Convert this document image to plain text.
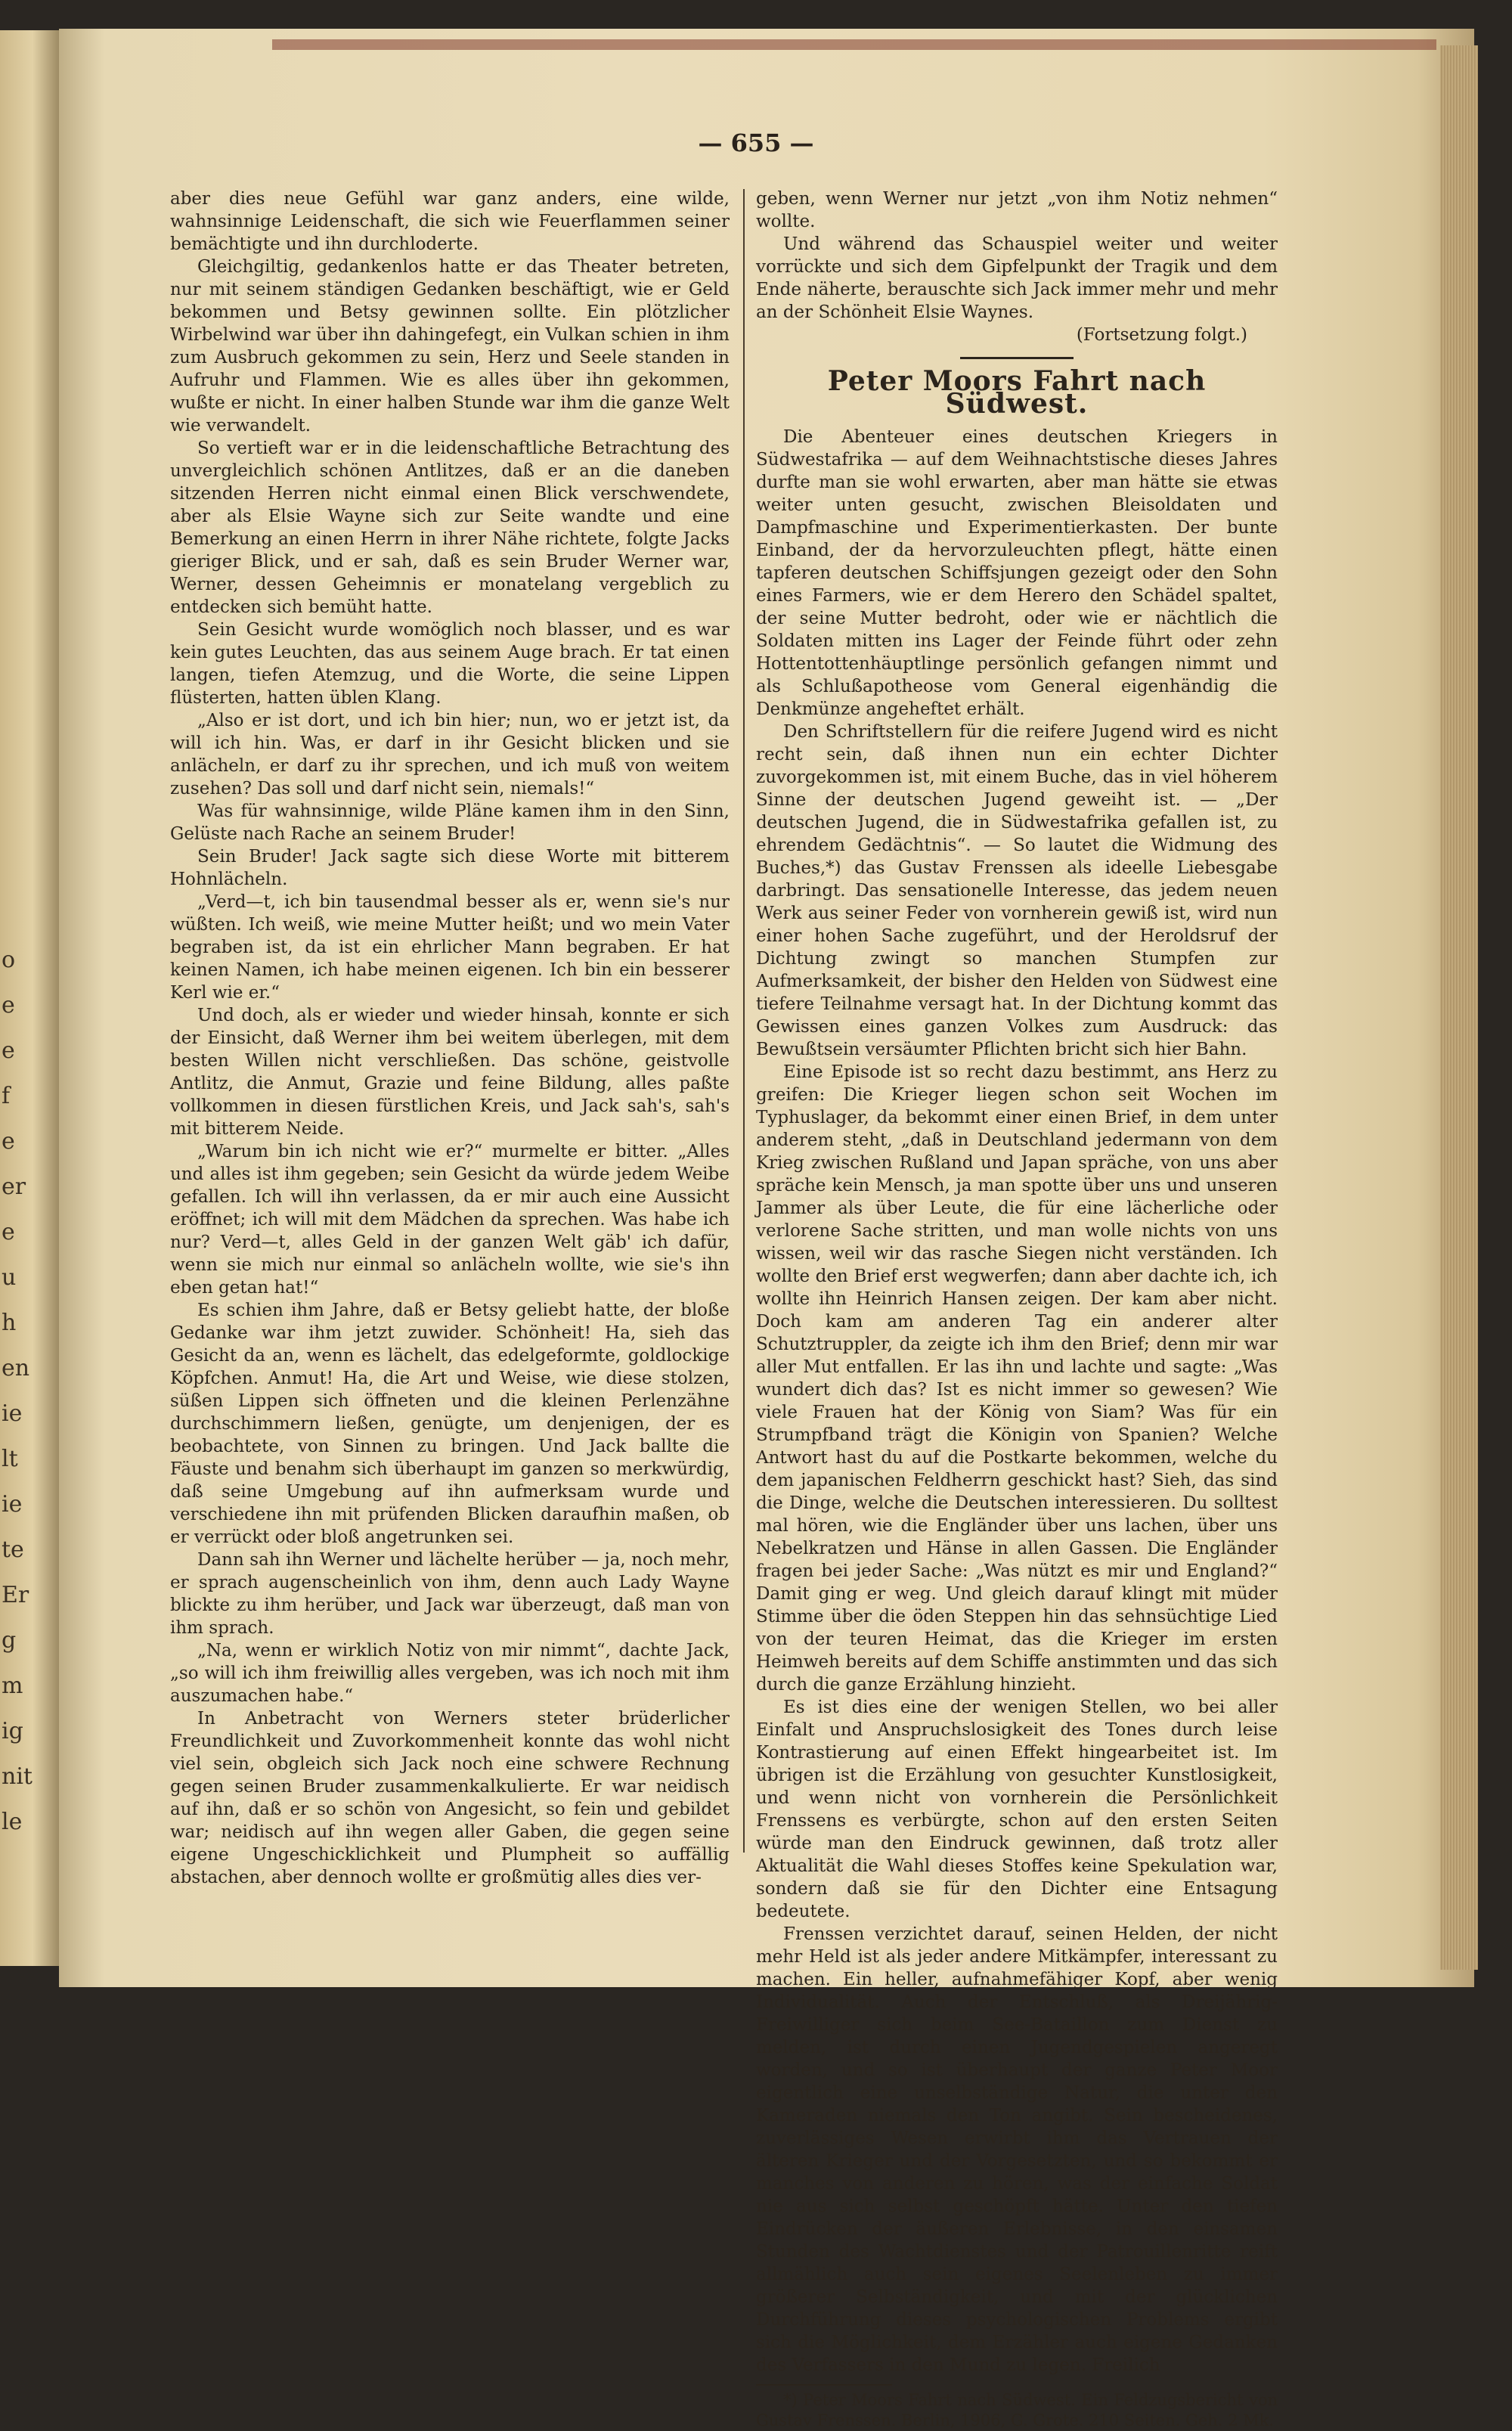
o
e
e
f
e
er
e
u
h
en
ie
lt
ie
te
Er
g
m
ig
nit
le
— 655 —

aber dies neue Gefühl war ganz anders, eine wilde, wahnsinnige Leidenschaft, die sich wie Feuerflammen seiner bemächtigte und ihn durchloderte.

Gleichgiltig, gedankenlos hatte er das Theater betreten, nur mit seinem ständigen Gedanken beschäftigt, wie er Geld bekommen und Betsy gewinnen sollte. Ein plötzlicher Wirbelwind war über ihn dahingefegt, ein Vulkan schien in ihm zum Ausbruch gekommen zu sein, Herz und Seele standen in Aufruhr und Flammen. Wie es alles über ihn gekommen, wußte er nicht. In einer halben Stunde war ihm die ganze Welt wie verwandelt.

So vertieft war er in die leidenschaftliche Betrachtung des unvergleichlich schönen Antlitzes, daß er an die daneben sitzenden Herren nicht einmal einen Blick verschwendete, aber als Elsie Wayne sich zur Seite wandte und eine Bemerkung an einen Herrn in ihrer Nähe richtete, folgte Jacks gieriger Blick, und er sah, daß es sein Bruder Werner war, Werner, dessen Geheimnis er monatelang vergeblich zu entdecken sich bemüht hatte.

Sein Gesicht wurde womöglich noch blasser, und es war kein gutes Leuchten, das aus seinem Auge brach. Er tat einen langen, tiefen Atemzug, und die Worte, die seine Lippen flüsterten, hatten üblen Klang.

„Also er ist dort, und ich bin hier; nun, wo er jetzt ist, da will ich hin. Was, er darf in ihr Gesicht blicken und sie anlächeln, er darf zu ihr sprechen, und ich muß von weitem zusehen? Das soll und darf nicht sein, niemals!“

Was für wahnsinnige, wilde Pläne kamen ihm in den Sinn, Gelüste nach Rache an seinem Bruder!

Sein Bruder! Jack sagte sich diese Worte mit bitterem Hohnlächeln.

„Verd—t, ich bin tausendmal besser als er, wenn sie's nur wüßten. Ich weiß, wie meine Mutter heißt; und wo mein Vater begraben ist, da ist ein ehrlicher Mann begraben. Er hat keinen Namen, ich habe meinen eigenen. Ich bin ein besserer Kerl wie er.“

Und doch, als er wieder und wieder hinsah, konnte er sich der Einsicht, daß Werner ihm bei weitem überlegen, mit dem besten Willen nicht verschließen. Das schöne, geistvolle Antlitz, die Anmut, Grazie und feine Bildung, alles paßte vollkommen in diesen fürstlichen Kreis, und Jack sah's, sah's mit bitterem Neide.

„Warum bin ich nicht wie er?“ murmelte er bitter. „Alles und alles ist ihm gegeben; sein Gesicht da würde jedem Weibe gefallen. Ich will ihn verlassen, da er mir auch eine Aussicht eröffnet; ich will mit dem Mädchen da sprechen. Was habe ich nur? Verd—t, alles Geld in der ganzen Welt gäb' ich dafür, wenn sie mich nur einmal so anlächeln wollte, wie sie's ihn eben getan hat!“

Es schien ihm Jahre, daß er Betsy geliebt hatte, der bloße Gedanke war ihm jetzt zuwider. Schönheit! Ha, sieh das Gesicht da an, wenn es lächelt, das edelgeformte, goldlockige Köpfchen. Anmut! Ha, die Art und Weise, wie diese stolzen, süßen Lippen sich öffneten und die kleinen Perlenzähne durchschimmern ließen, genügte, um denjenigen, der es beobachtete, von Sinnen zu bringen. Und Jack ballte die Fäuste und benahm sich überhaupt im ganzen so merkwürdig, daß seine Umgebung auf ihn aufmerksam wurde und verschiedene ihn mit prüfenden Blicken daraufhin maßen, ob er verrückt oder bloß angetrunken sei.

Dann sah ihn Werner und lächelte herüber — ja, noch mehr, er sprach augenscheinlich von ihm, denn auch Lady Wayne blickte zu ihm herüber, und Jack war überzeugt, daß man von ihm sprach.

„Na, wenn er wirklich Notiz von mir nimmt“, dachte Jack, „so will ich ihm freiwillig alles vergeben, was ich noch mit ihm auszumachen habe.“

In Anbetracht von Werners steter brüderlicher Freundlichkeit und Zuvorkommenheit konnte das wohl nicht viel sein, obgleich sich Jack noch eine schwere Rechnung gegen seinen Bruder zusammenkalkulierte. Er war neidisch auf ihn, daß er so schön von Angesicht, so fein und gebildet war; neidisch auf ihn wegen aller Gaben, die gegen seine eigene Ungeschicklichkeit und Plumpheit so auffällig abstachen, aber dennoch wollte er großmütig alles dies ver-

geben, wenn Werner nur jetzt „von ihm Notiz nehmen“ wollte.

Und während das Schauspiel weiter und weiter vorrückte und sich dem Gipfelpunkt der Tragik und dem Ende näherte, berauschte sich Jack immer mehr und mehr an der Schönheit Elsie Waynes.

(Fortsetzung folgt.)

Peter Moors Fahrt nach Südwest.

Die Abenteuer eines deutschen Kriegers in Südwestafrika — auf dem Weihnachtstische dieses Jahres durfte man sie wohl erwarten, aber man hätte sie etwas weiter unten gesucht, zwischen Bleisoldaten und Dampfmaschine und Experimentierkasten. Der bunte Einband, der da hervorzuleuchten pflegt, hätte einen tapferen deutschen Schiffsjungen gezeigt oder den Sohn eines Farmers, wie er dem Herero den Schädel spaltet, der seine Mutter bedroht, oder wie er nächtlich die Soldaten mitten ins Lager der Feinde führt oder zehn Hottentottenhäuptlinge persönlich gefangen nimmt und als Schlußapotheose vom General eigenhändig die Denkmünze angeheftet erhält.

Den Schriftstellern für die reifere Jugend wird es nicht recht sein, daß ihnen nun ein echter Dichter zuvorgekommen ist, mit einem Buche, das in viel höherem Sinne der deutschen Jugend geweiht ist. — „Der deutschen Jugend, die in Südwestafrika gefallen ist, zu ehrendem Gedächtnis“. — So lautet die Widmung des Buches,*) das Gustav Frenssen als ideelle Liebesgabe darbringt. Das sensationelle Interesse, das jedem neuen Werk aus seiner Feder von vornherein gewiß ist, wird nun einer hohen Sache zugeführt, und der Heroldsruf der Dichtung zwingt so manchen Stumpfen zur Aufmerksamkeit, der bisher den Helden von Südwest eine tiefere Teilnahme versagt hat. In der Dichtung kommt das Gewissen eines ganzen Volkes zum Ausdruck: das Bewußtsein versäumter Pflichten bricht sich hier Bahn.

Eine Episode ist so recht dazu bestimmt, ans Herz zu greifen: Die Krieger liegen schon seit Wochen im Typhuslager, da bekommt einer einen Brief, in dem unter anderem steht, „daß in Deutschland jedermann von dem Krieg zwischen Rußland und Japan spräche, von uns aber spräche kein Mensch, ja man spotte über uns und unseren Jammer als über Leute, die für eine lächerliche oder verlorene Sache stritten, und man wolle nichts von uns wissen, weil wir das rasche Siegen nicht verständen. Ich wollte den Brief erst wegwerfen; dann aber dachte ich, ich wollte ihn Heinrich Hansen zeigen. Der kam aber nicht. Doch kam am anderen Tag ein anderer alter Schutztruppler, da zeigte ich ihm den Brief; denn mir war aller Mut entfallen. Er las ihn und lachte und sagte: „Was wundert dich das? Ist es nicht immer so gewesen? Wie viele Frauen hat der König von Siam? Was für ein Strumpfband trägt die Königin von Spanien? Welche Antwort hast du auf die Postkarte bekommen, welche du dem japanischen Feldherrn geschickt hast? Sieh, das sind die Dinge, welche die Deutschen interessieren. Du solltest mal hören, wie die Engländer über uns lachen, über uns Nebelkratzen und Hänse in allen Gassen. Die Engländer fragen bei jeder Sache: „Was nützt es mir und England?“ Damit ging er weg. Und gleich darauf klingt mit müder Stimme über die öden Steppen hin das sehnsüchtige Lied von der teuren Heimat, das die Krieger im ersten Heimweh bereits auf dem Schiffe anstimmten und das sich durch die ganze Erzählung hinzieht.

Es ist dies eine der wenigen Stellen, wo bei aller Einfalt und Anspruchslosigkeit des Tones durch leise Kontrastierung auf einen Effekt hingearbeitet ist. Im übrigen ist die Erzählung von gesuchter Kunstlosigkeit, und wenn nicht von vornherein die Persönlichkeit Frenssens es verbürgte, schon auf den ersten Seiten würde man den Eindruck gewinnen, daß trotz aller Aktualität die Wahl dieses Stoffes keine Spekulation war, sondern daß sie für den Dichter eine Entsagung bedeutete.

Frenssen verzichtet darauf, seinen Helden, der nicht mehr Held ist als jeder andere Mitkämpfer, interessant zu machen. Ein heller, aufnahmefähiger Kopf, aber wenig Individualität. Auch der Entschluß, als Dreijährig-Freiwilliger sich beim See-Bataillon zum Dienst zu melden, ist durch einen Jugendgespielen angeregt worden, und so ist überhaupt der ganze Peter Moor eigentlich eine unselbständige Natur, die unter den Kameraden niemals den Ton angibt. Sein bescheidenes, zuverlässiges Wesen erwirbt ihm das Vertrauen der älteren Krieger und der Vorgesetzten, und so bekommt er manches von anderen zu hören, was der einfache Soldat nie aus sich selbst geschöpft hätte. Unter den tiefen Eindrücken der äußeren Erlebnisse, in den einsamen Stunden des Wachtdienstes und der Patrouillenritte reift allmählich auch sein eigenes Seelenleben zu immer größerer Selbständigkeit, und mit der glücklichen Durchführung dieses psychologischen Problems ergibt sich die Möglichkeit, dem Erzähler auch eigene Gedanken des Verfassers in den Mund zu legen. Freilich

*) Peter Moors Fahrt nach Südwest. Ein Feldzugsbericht von Gustav Frenssen. Berlin, 1906, G. Grote. 210 Seiten. Geh. 2 Mk.
